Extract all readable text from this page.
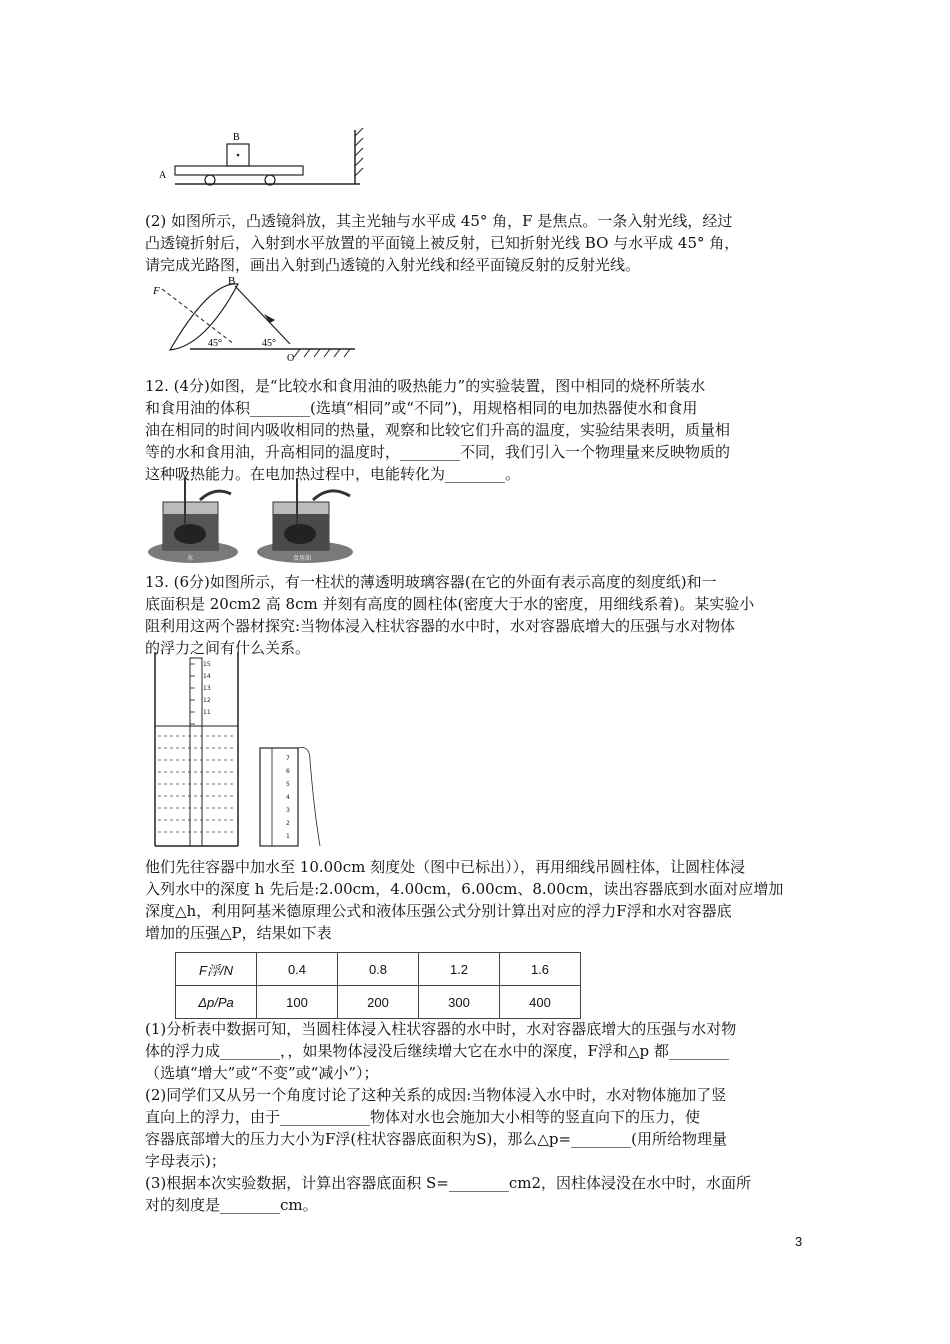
A
B

(2) 如图所示，凸透镜斜放，其主光轴与水平成 45° 角，F 是焦点。一条入射光线，经过

凸透镜折射后，入射到水平放置的平面镜上被反射，已知折射光线 BO 与水平成 45° 角，

请完成光路图，画出入射到凸透镜的入射光线和经平面镜反射的反射光线。

F
B
O
45°	45°

12. (4分)如图，是“比较水和食用油的吸热能力”的实验装置，图中相同的烧杯所装水

和食用油的体积________(选填“相同”或“不同”)，用规格相同的电加热器使水和食用

油在相同的时间内吸收相同的热量，观察和比较它们升高的温度，实验结果表明，质量相

等的水和食用油，升高相同的温度时，________不同，我们引入一个物理量来反映物质的

这种吸热能力。在电加热过程中，电能转化为________。

水	食用油

13. (6分)如图所示，有一柱状的薄透明玻璃容器(在它的外面有表示高度的刻度纸)和一

底面积是 20cm2 高 8cm 并刻有高度的圆柱体(密度大于水的密度，用细线系着)。某实验小

阻利用这两个器材探究:当物体浸入柱状容器的水中时，水对容器底增大的压强与水对物体

的浮力之间有什么关系。

15
14
13
12
11
7
6
5
4
3
2
1

他们先往容器中加水至 10.00cm 刻度处（图中已标出）），再用细线吊圆柱体，让圆柱体浸

入列水中的深度 h 先后是:2.00cm，4.00cm，6.00cm、8.00cm，读出容器底到水面对应增加

深度△h，利用阿基米德原理公式和液体压强公式分别计算出对应的浮力F浮和水对容器底

增加的压强△P，结果如下表

F浮/N	0.4	0.8	1.2	1.6
Δp/Pa	100	200	300	400

(1)分析表中数据可知，当圆柱体浸入柱状容器的水中时，水对容器底增大的压强与水对物

体的浮力成________，，如果物体浸没后继续增大它在水中的深度，F浮和△p 都________

（选填“增大”或“不变”或“减小”）；

(2)同学们又从另一个角度讨论了这种关系的成因:当物体浸入水中时，水对物体施加了竖

直向上的浮力，由于____________物体对水也会施加大小相等的竖直向下的压力，使

容器底部增大的压力大小为F浮(柱状容器底面积为S)，那么△p=________(用所给物理量

字母表示)；

(3)根据本次实验数据，计算出容器底面积 S=________cm2，因柱体浸没在水中时，水面所

对的刻度是________cm。

3
